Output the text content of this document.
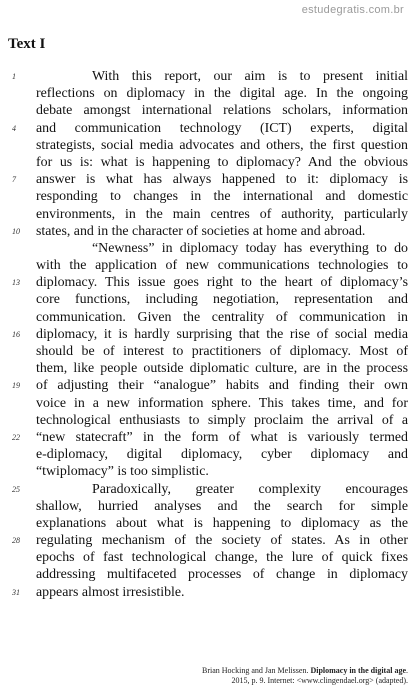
estudegratis.com.br
Text I
1	With this report, our aim is to present initial
reflections on diplomacy in the digital age. In the ongoing
debate amongst international relations scholars, information
4 and communication technology (ICT) experts, digital
strategists, social media advocates and others, the first question
for us is: what is happening to diplomacy? And the obvious
7 answer is what has always happened to it: diplomacy is
responding to changes in the international and domestic
environments, in the main centres of authority, particularly
10 states, and in the character of societies at home and abroad.
“Newness” in diplomacy today has everything to do
with the application of new communications technologies to
13 diplomacy. This issue goes right to the heart of diplomacy’s
core functions, including negotiation, representation and
communication. Given the centrality of communication in
16 diplomacy, it is hardly surprising that the rise of social media
should be of interest to practitioners of diplomacy. Most of
them, like people outside diplomatic culture, are in the process
19 of adjusting their “analogue” habits and finding their own
voice in a new information sphere. This takes time, and for
technological enthusiasts to simply proclaim the arrival of a
22 “new statecraft” in the form of what is variously termed
e-diplomacy, digital diplomacy, cyber diplomacy and
“twiplomacy” is too simplistic.
25	Paradoxically, greater complexity encourages
shallow, hurried analyses and the search for simple
explanations about what is happening to diplomacy as the
28 regulating mechanism of the society of states. As in other
epochs of fast technological change, the lure of quick fixes
addressing multifaceted processes of change in diplomacy
31 appears almost irresistible.
Brian Hocking and Jan Melissen. Diplomacy in the digital age. 2015, p. 9. Internet: <www.clingendael.org> (adapted).
